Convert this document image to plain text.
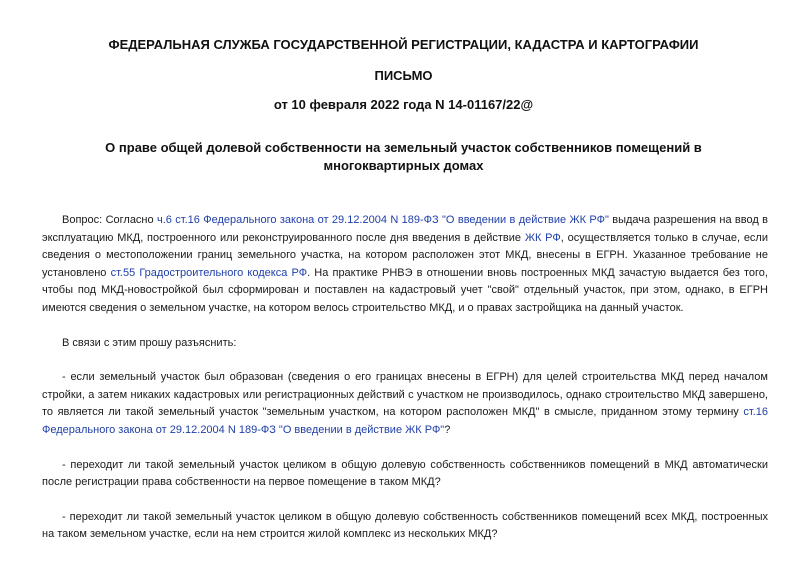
ФЕДЕРАЛЬНАЯ СЛУЖБА ГОСУДАРСТВЕННОЙ РЕГИСТРАЦИИ, КАДАСТРА И КАРТОГРАФИИ
ПИСЬМО
от 10 февраля 2022 года N 14-01167/22@
О праве общей долевой собственности на земельный участок собственников помещений в многоквартирных домах

Вопрос: Согласно ч.6 ст.16 Федерального закона от 29.12.2004 N 189-ФЗ "О введении в действие ЖК РФ" выдача разрешения на ввод в эксплуатацию МКД, построенного или реконструированного после дня введения в действие ЖК РФ, осуществляется только в случае, если сведения о местоположении границ земельного участка, на котором расположен этот МКД, внесены в ЕГРН. Указанное требование не установлено ст.55 Градостроительного кодекса РФ. На практике РНВЭ в отношении вновь построенных МКД зачастую выдается без того, чтобы под МКД-новостройкой был сформирован и поставлен на кадастровый учет "свой" отдельный участок, при этом, однако, в ЕГРН имеются сведения о земельном участке, на котором велось строительство МКД, и о правах застройщика на данный участок.

В связи с этим прошу разъяснить:

- если земельный участок был образован (сведения о его границах внесены в ЕГРН) для целей строительства МКД перед началом стройки, а затем никаких кадастровых или регистрационных действий с участком не производилось, однако строительство МКД завершено, то является ли такой земельный участок "земельным участком, на котором расположен МКД" в смысле, приданном этому термину ст.16 Федерального закона от 29.12.2004 N 189-ФЗ "О введении в действие ЖК РФ"?

- переходит ли такой земельный участок целиком в общую долевую собственность собственников помещений в МКД автоматически после регистрации права собственности на первое помещение в таком МКД?

- переходит ли такой земельный участок целиком в общую долевую собственность собственников помещений всех МКД, построенных на таком земельном участке, если на нем строится жилой комплекс из нескольких МКД?
